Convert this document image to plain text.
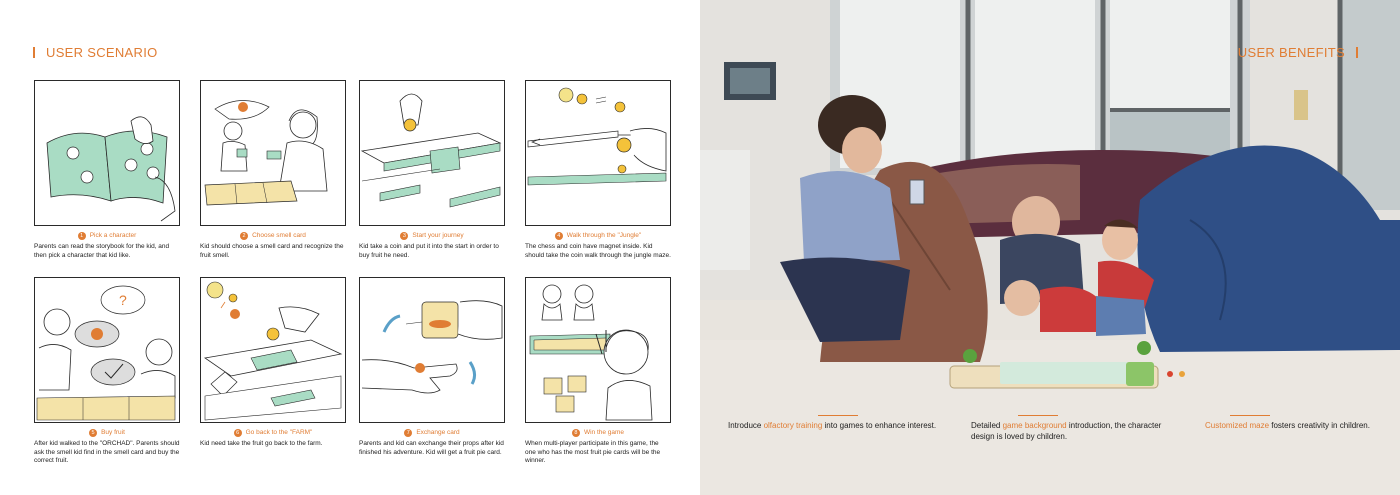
USER SCENARIO
1 Pick a character
Parents can read the storybook for the kid, and then pick a character that kid like.
2 Choose smell card
Kid should choose a smell card and recognize the fruit smell.
3 Start your journey
Kid take a coin and put it into the start in order to buy fruit he need.
4 Walk through the "Jungle"
The chess and coin have magnet inside. Kid should take the coin walk through the jungle maze.
?
5 Buy fruit
After kid walked to the "ORCHAD". Parents should ask the smell kid find in the smell card and buy the correct fruit.
6 Go back to the "FARM"
Kid need take the fruit go back to the farm.
7 Exchange card
Parents and kid can exchange their props after kid finished his adventure. Kid will get a fruit pie card.
8 Win the game
When multi-player participate in this game, the one who has the most fruit pie cards will be the winner.
USER BENEFITS
Introduce olfactory training into games to enhance interest.	Detailed game background introduction, the character design is loved by children.
Customized maze fosters creativity in children.
